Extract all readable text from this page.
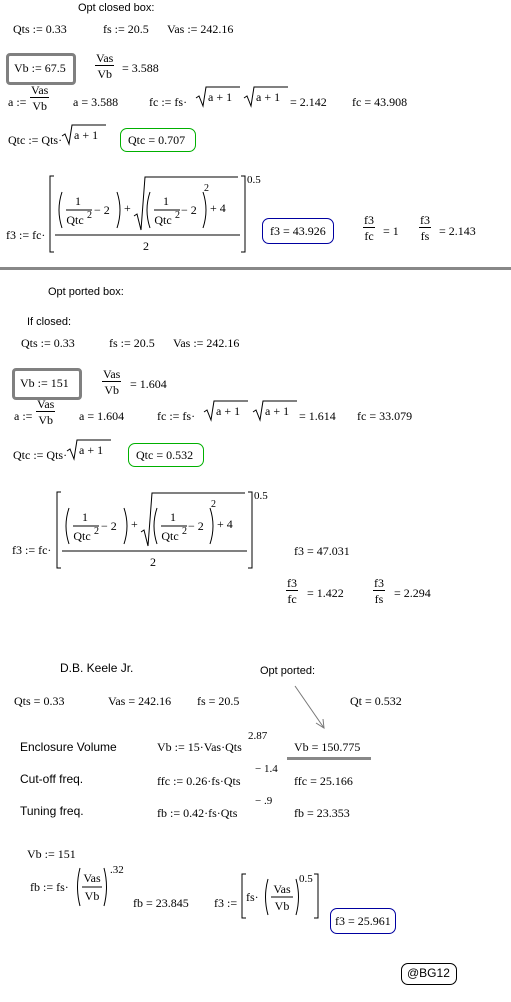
Opt closed box:
Qts := 0.33	fs := 20.5 Vas := 242.16
Vb := 67.5
Vas
Vb = 3.588
a :=
Vas
Vb a = 3.588	fc := fs· a + 1 a + 1 = 2.142 fc = 43.908
Qtc := Qts· a + 1 Qtc = 0.707
f3 := fc·
0.5
2
1
Qtc 2 − 2 +	1
Qtc 2 − 2
2
+ 4
f3 = 43.926	$\frac{f3}{fc} = 1 \frac{f3}{fs} = 2.143$
Opt ported box:
If closed:
Qts := 0.33	fs := 20.5 Vas := 242.16
Vb := 151
Vas
Vb = 1.604
a :=
Vas
Vb a = 1.604	fc := fs· a + 1 a + 1 = 1.614 fc = 33.079
Qtc := Qts· a + 1	Qtc = 0.532
f3 := fc·
0.5
2
1
Qtc 2 − 2 +	1
Qtc 2 − 2
2
+ 4
f3 = 47.031
$\frac{f3}{fc} = 1.422 \frac{f3}{fs} = 2.294$
D.B. Keele Jr.	Opt ported:
Qts = 0.33	Vas = 242.16 fs = 20.5	Qt = 0.532
Enclosure Volume	Vb := 15·Vas·Qts
2.87
Vb = 150.775
Cut-off freq.	ffc := 0.26·fs·Qts
− 1.4
ffc = 25.166
Tuning freq.	fb := 0.42·fs·Qts
− .9
fb = 23.353
Vb := 151
fb := fs·
Vas
Vb
.32
fb = 23.845 f3 := fs·
Vas
Vb
0.5
f3 = 25.961
@BG12
